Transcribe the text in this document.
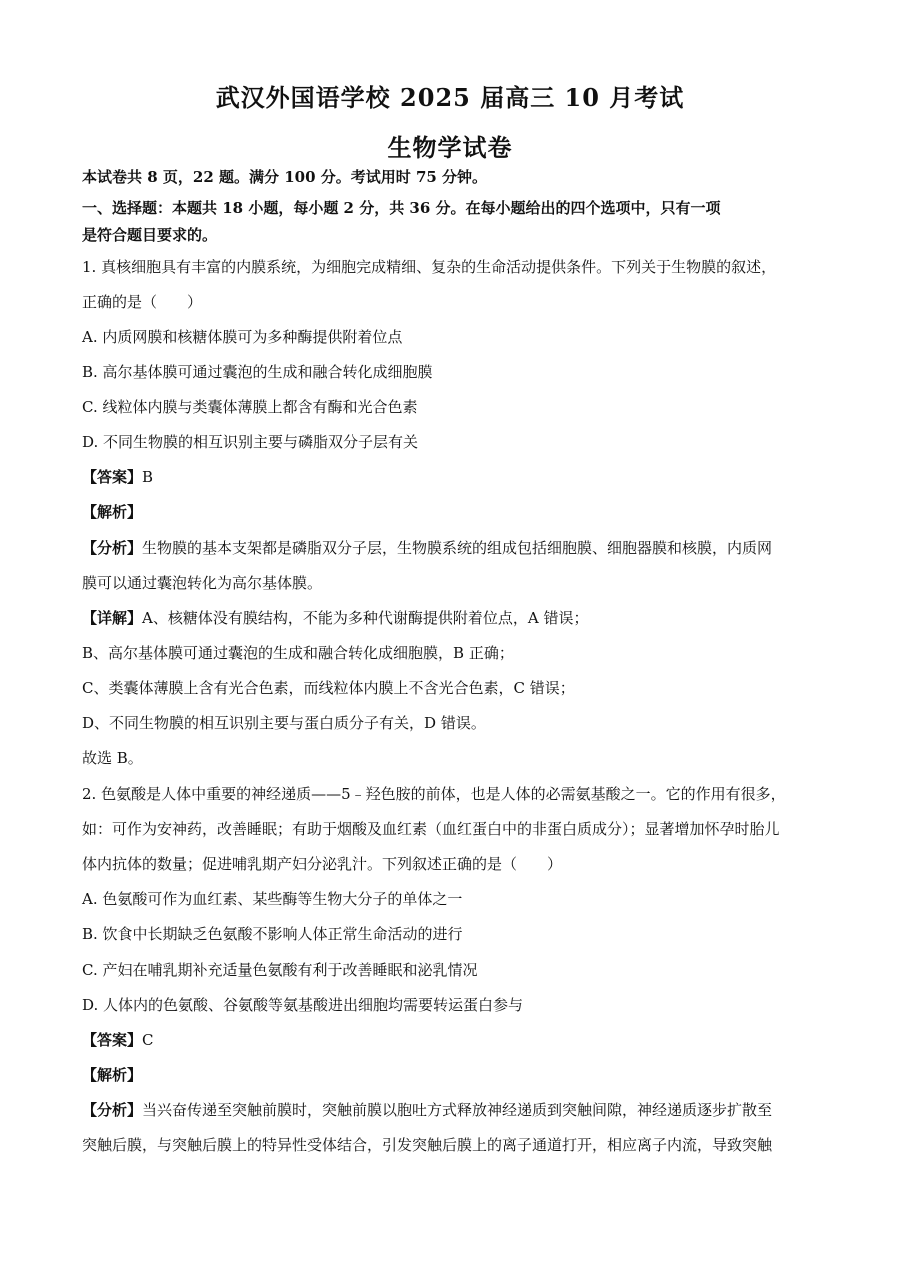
武汉外国语学校 2025 届高三 10 月考试
生物学试卷
本试卷共 8 页，22 题。满分 100 分。考试用时 75 分钟。
一、选择题：本题共 18 小题，每小题 2 分，共 36 分。在每小题给出的四个选项中，只有一项
是符合题目要求的。
1. 真核细胞具有丰富的内膜系统，为细胞完成精细、复杂的生命活动提供条件。下列关于生物膜的叙述，
正确的是（　　）
A. 内质网膜和核糖体膜可为多种酶提供附着位点
B. 高尔基体膜可通过囊泡的生成和融合转化成细胞膜
C. 线粒体内膜与类囊体薄膜上都含有酶和光合色素
D. 不同生物膜的相互识别主要与磷脂双分子层有关
【答案】B
【解析】
【分析】生物膜的基本支架都是磷脂双分子层，生物膜系统的组成包括细胞膜、细胞器膜和核膜，内质网
膜可以通过囊泡转化为高尔基体膜。
【详解】A、核糖体没有膜结构，不能为多种代谢酶提供附着位点，A 错误；
B、高尔基体膜可通过囊泡的生成和融合转化成细胞膜，B 正确；
C、类囊体薄膜上含有光合色素，而线粒体内膜上不含光合色素，C 错误；
D、不同生物膜的相互识别主要与蛋白质分子有关，D 错误。
故选 B。
2. 色氨酸是人体中重要的神经递质——5﹣羟色胺的前体，也是人体的必需氨基酸之一。它的作用有很多，
如：可作为安神药，改善睡眠；有助于烟酸及血红素（血红蛋白中的非蛋白质成分）；显著增加怀孕时胎儿
体内抗体的数量；促进哺乳期产妇分泌乳汁。下列叙述正确的是（　　）
A. 色氨酸可作为血红素、某些酶等生物大分子的单体之一
B. 饮食中长期缺乏色氨酸不影响人体正常生命活动的进行
C. 产妇在哺乳期补充适量色氨酸有利于改善睡眠和泌乳情况
D. 人体内的色氨酸、谷氨酸等氨基酸进出细胞均需要转运蛋白参与
【答案】C
【解析】
【分析】当兴奋传递至突触前膜时，突触前膜以胞吐方式释放神经递质到突触间隙，神经递质逐步扩散至
突触后膜，与突触后膜上的特异性受体结合，引发突触后膜上的离子通道打开，相应离子内流，导致突触
